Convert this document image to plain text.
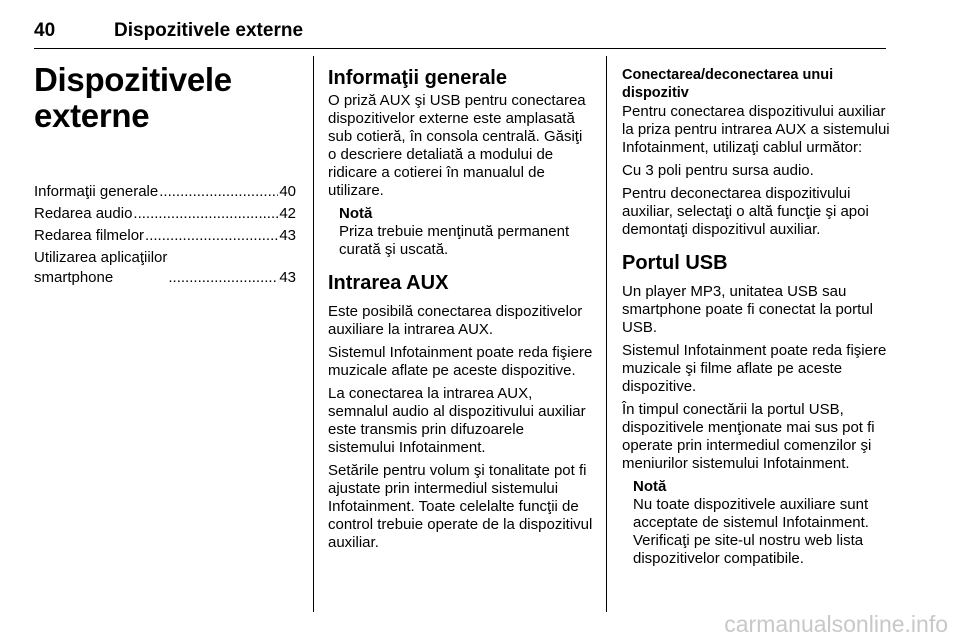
40	Dispozitivele externe
Dispozitivele
externe
Informaţii generale .....	40
Redarea audio .....	42
Redarea filmelor .....	43
Utilizarea aplicaţiilor
smartphone .....	43
Informaţii generale

O priză AUX şi USB pentru conectarea dispozitivelor externe este amplasată sub cotieră, în consola centrală. Găsiţi o descriere detaliată a modului de ridicare a cotierei în manualul de utilizare.

Notă
Priza trebuie menţinută permanent curată şi uscată.
Intrarea AUX

Este posibilă conectarea dispozitivelor auxiliare la intrarea AUX.

Sistemul Infotainment poate reda fişiere muzicale aflate pe aceste dispozitive.

La conectarea la intrarea AUX, semnalul audio al dispozitivului auxiliar este transmis prin difuzoarele sistemului Infotainment.

Setările pentru volum şi tonalitate pot fi ajustate prin intermediul sistemului Infotainment. Toate celelalte funcţii de control trebuie operate de la dispozitivul auxiliar.

Conectarea/deconectarea unui dispozitiv

Pentru conectarea dispozitivului auxiliar la priza pentru intrarea AUX a sistemului Infotainment, utilizaţi cablul următor:

Cu 3 poli pentru sursa audio.

Pentru deconectarea dispozitivului auxiliar, selectaţi o altă funcţie şi apoi demontaţi dispozitivul auxiliar.

Portul USB

Un player MP3, unitatea USB sau smartphone poate fi conectat la portul USB.

Sistemul Infotainment poate reda fişiere muzicale şi filme aflate pe aceste dispozitive.

În timpul conectării la portul USB, dispozitivele menţionate mai sus pot fi operate prin intermediul comenzilor şi meniurilor sistemului Infotainment.

Notă
Nu toate dispozitivele auxiliare sunt acceptate de sistemul Infotainment. Verificaţi pe site-ul nostru web lista dispozitivelor compatibile.
carmanualsonline.info
